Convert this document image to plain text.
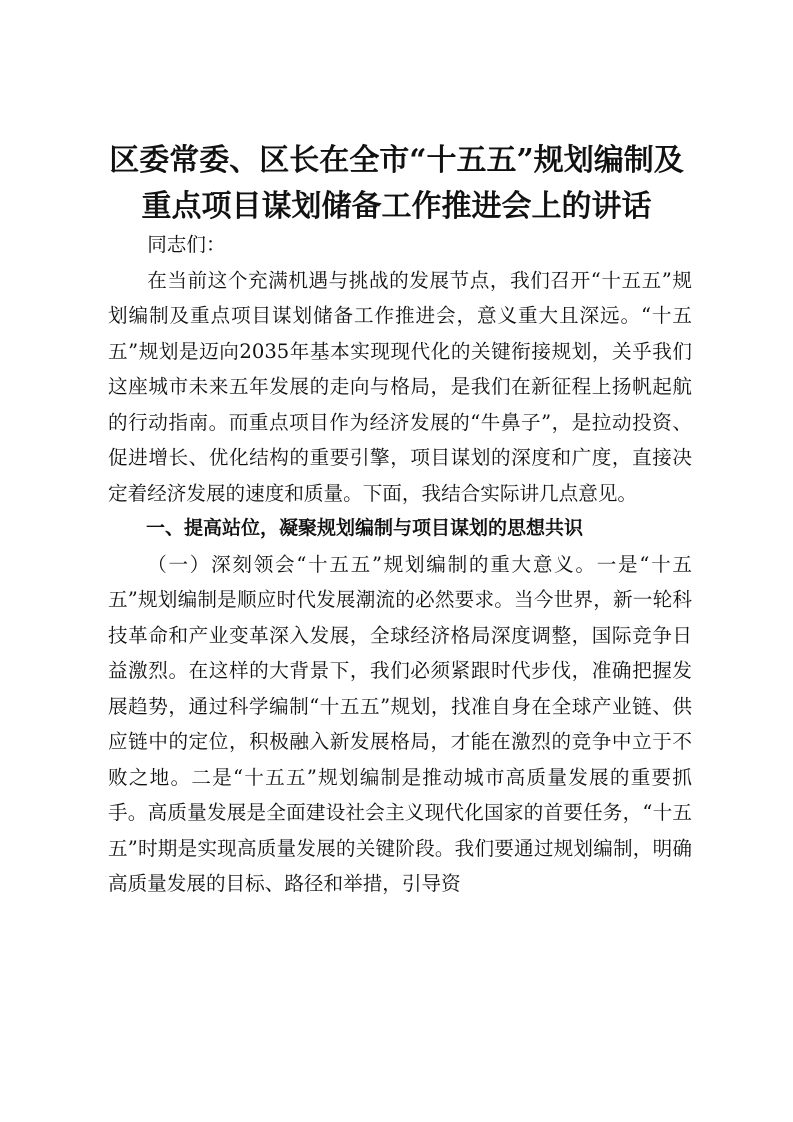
区委常委、区长在全市“十五五”规划编制及
重点项目谋划储备工作推进会上的讲话

同志们：

在当前这个充满机遇与挑战的发展节点，我们召开“十五五”规划编制及重点项目谋划储备工作推进会，意义重大且深远。“十五五”规划是迈向2035年基本实现现代化的关键衔接规划，关乎我们这座城市未来五年发展的走向与格局，是我们在新征程上扬帆起航的行动指南。而重点项目作为经济发展的“牛鼻子”，是拉动投资、促进增长、优化结构的重要引擎，项目谋划的深度和广度，直接决定着经济发展的速度和质量。下面，我结合实际讲几点意见。

一、提高站位，凝聚规划编制与项目谋划的思想共识

（一）深刻领会“十五五”规划编制的重大意义。一是“十五五”规划编制是顺应时代发展潮流的必然要求。当今世界，新一轮科技革命和产业变革深入发展，全球经济格局深度调整，国际竞争日益激烈。在这样的大背景下，我们必须紧跟时代步伐，准确把握发展趋势，通过科学编制“十五五”规划，找准自身在全球产业链、供应链中的定位，积极融入新发展格局，才能在激烈的竞争中立于不败之地。二是“十五五”规划编制是推动城市高质量发展的重要抓手。高质量发展是全面建设社会主义现代化国家的首要任务，“十五五”时期是实现高质量发展的关键阶段。我们要通过规划编制，明确高质量发展的目标、路径和举措，引导资
